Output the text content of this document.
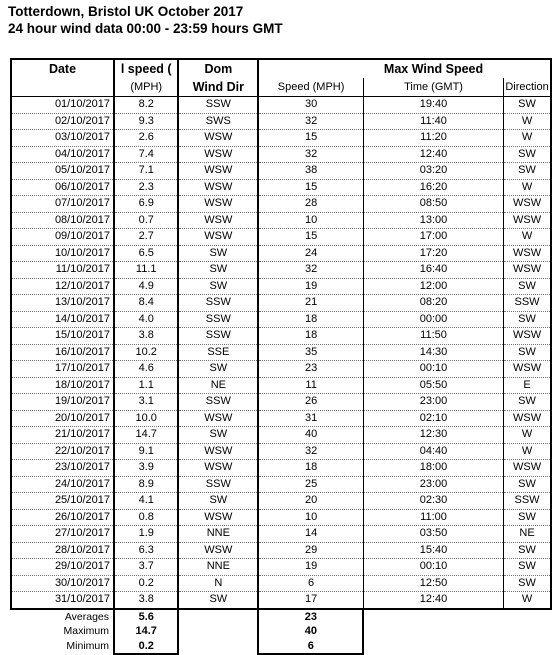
Totterdown, Bristol UK October 2017
24 hour wind data 00:00 - 23:59 hours GMT
Date	l speed (	Dom		Max Wind Speed	
	(MPH)	Wind Dir	Speed (MPH)	Time (GMT)	Direction
01/10/2017	8.2	SSW	30	19:40	SW
02/10/2017	9.3	SWS	32	11:40	W
03/10/2017	2.6	WSW	15	11:20	W
04/10/2017	7.4	WSW	32	12:40	SW
05/10/2017	7.1	WSW	38	03:20	SW
06/10/2017	2.3	WSW	15	16:20	W
07/10/2017	6.9	WSW	28	08:50	WSW
08/10/2017	0.7	WSW	10	13:00	WSW
09/10/2017	2.7	WSW	15	17:00	W
10/10/2017	6.5	SW	24	17:20	WSW
11/10/2017	11.1	SW	32	16:40	WSW
12/10/2017	4.9	SW	19	12:00	SW
13/10/2017	8.4	SSW	21	08:20	SSW
14/10/2017	4.0	SSW	18	00:00	SW
15/10/2017	3.8	SSW	18	11:50	WSW
16/10/2017	10.2	SSE	35	14:30	SW
17/10/2017	4.6	SW	23	00:10	WSW
18/10/2017	1.1	NE	11	05:50	E
19/10/2017	3.1	SSW	26	23:00	SW
20/10/2017	10.0	WSW	31	02:10	WSW
21/10/2017	14.7	SW	40	12:30	W
22/10/2017	9.1	WSW	32	04:40	W
23/10/2017	3.9	WSW	18	18:00	WSW
24/10/2017	8.9	SSW	25	23:00	SW
25/10/2017	4.1	SW	20	02:30	SSW
26/10/2017	0.8	WSW	10	11:00	SW
27/10/2017	1.9	NNE	14	03:50	NE
28/10/2017	6.3	WSW	29	15:40	SW
29/10/2017	3.7	NNE	19	00:10	SW
30/10/2017	0.2	N	6	12:50	SW
31/10/2017	3.8	SW	17	12:40	W
Averages	5.6		23		
Maximum	14.7		40		
Minimum	0.2		6		
